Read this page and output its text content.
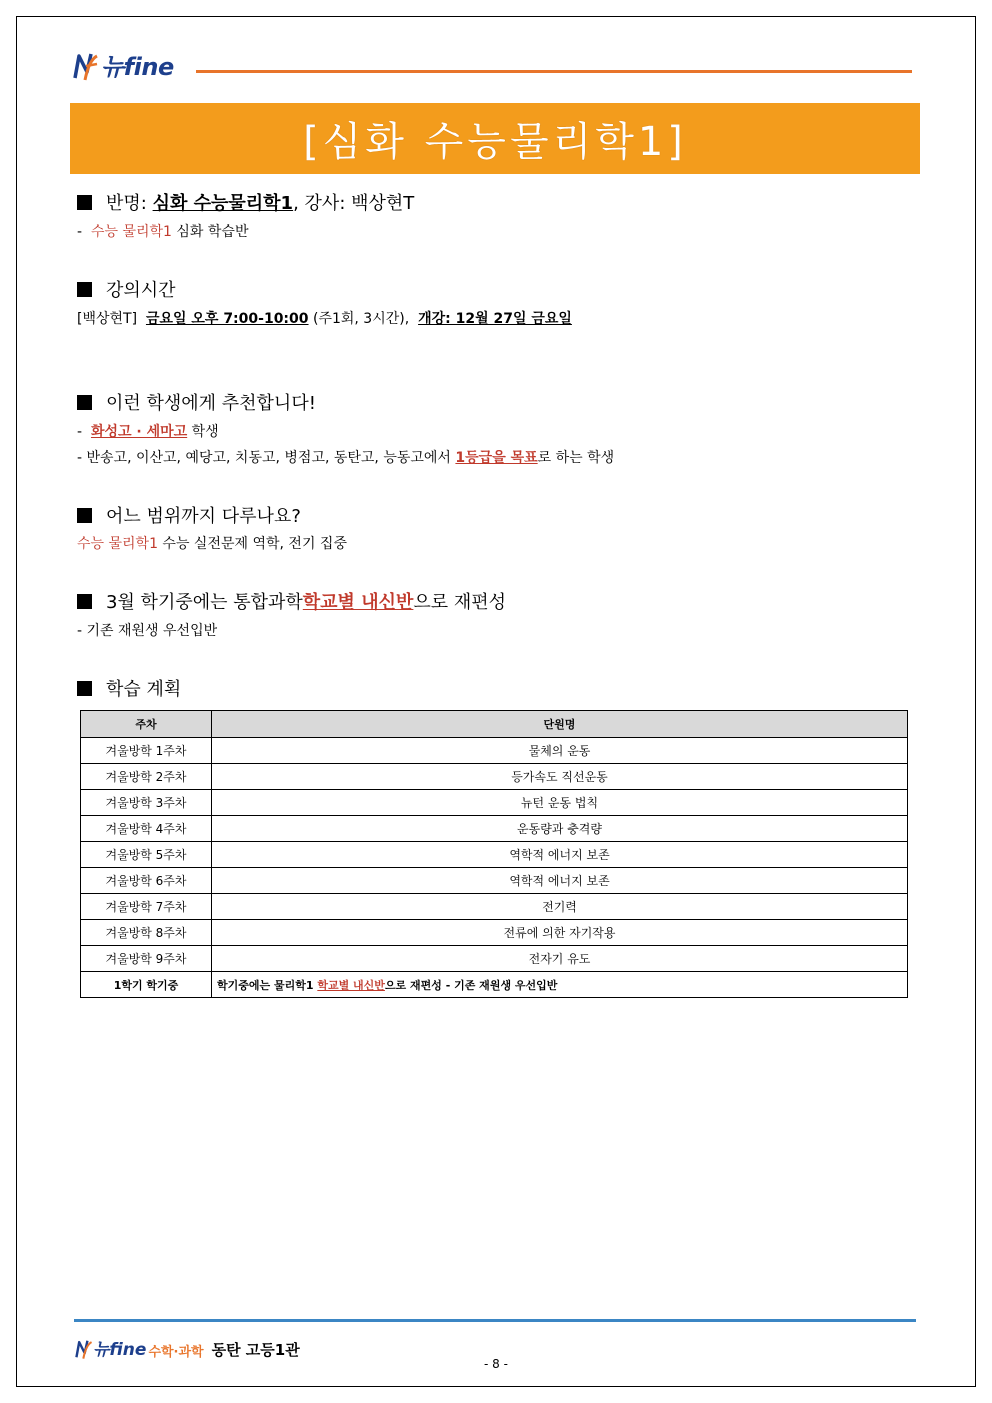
뉴fine
[심화 수능물리학1]
반명:
심화 수능물리학1 , 강사:
백상현T
-  수능 물리학1 심화 학습반
강의시간
[백상현T]  금요일 오후 7:00-10:00 (주1회, 3시간),  개강: 12월 27일 금요일
이런 학생에게 추천합니다!
-  화성고 · 세마고 학생
- 반송고, 이산고, 예당고, 치동고, 병점고, 동탄고, 능동고에서 1등급을 목표로 하는 학생
어느 범위까지 다루나요?
수능 물리학1 수능 실전문제 역학, 전기 집중
3월 학기중에는 통합과학 학교별 내신반 으로 재편성
- 기존 재원생 우선입반
학습 계획
주차	단원명
겨울방학 1주차	물체의 운동
겨울방학 2주차	등가속도 직선운동
겨울방학 3주차	뉴턴 운동 법칙
겨울방학 4주차	운동량과 충격량
겨울방학 5주차	역학적 에너지 보존
겨울방학 6주차	역학적 에너지 보존
겨울방학 7주차	전기력
겨울방학 8주차	전류에 의한 자기작용
겨울방학 9주차	전자기 유도
1학기 학기중	학기중에는 물리학1 학교별 내신반으로 재편성 - 기존 재원생 우선입반
뉴fine 수학·과학 동탄 고등1관
- 8 -
